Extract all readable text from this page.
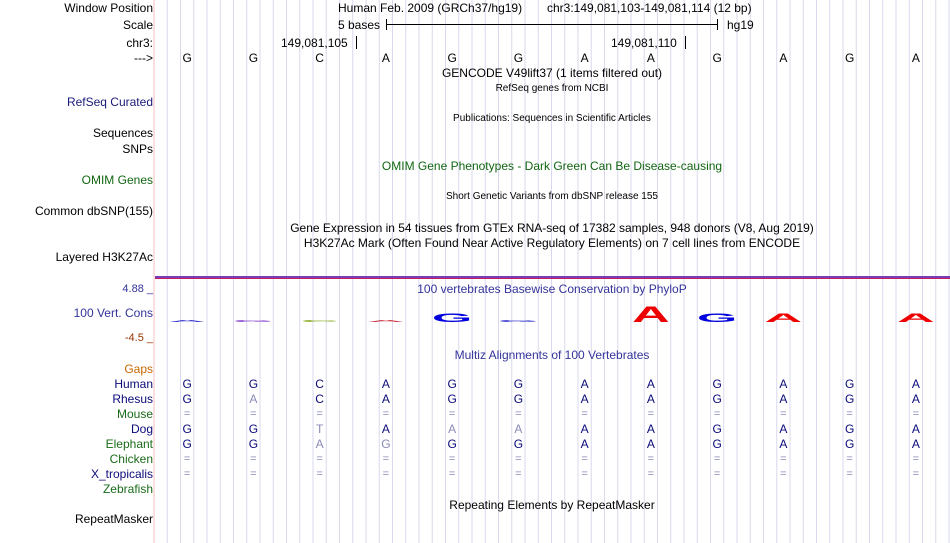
Window Position	Human Feb. 2009 (GRCh37/hg19) chr3:149,081,103-149,081,114 (12 bp)
Scale	5 bases	hg19
chr3:	149,081,105	149,081,110
---> G	G	C	A	G	G	A	A	G	A	G	A
GENCODE V49lift37 (1 items filtered out)
RefSeq genes from NCBI
RefSeq Curated
Publications: Sequences in Scientific Articles
Sequences
SNPs
OMIM Gene Phenotypes - Dark Green Can Be Disease-causing
OMIM Genes
Short Genetic Variants from dbSNP release 155
Common dbSNP(155)
Gene Expression in 54 tissues from GTEx RNA-seq of 17382 samples, 948 donors (V8, Aug 2019)
H3K27Ac Mark (Often Found Near Active Regulatory Elements) on 7 cell lines from ENCODE
Layered H3K27Ac
4.88 _	100 vertebrates Basewise Conservation by PhyloP
100 Vert. Cons
-4.5 _
A G C A G G	A G A	A
Gaps
Multiz Alignments of 100 Vertebrates
Human G	G	C	A	G	G	A	A	G	A	G	A
Rhesus G	A	C	A	G	G	A	A	G	A	G	A
Mouse	=	=	=	=	=	=	=	=	=	=	=	=
Dog G	G	T	A	A	A	A	A	G	A	G	A
Elephant G	G	A	G	G	G	A	A	G	A	G	A
Chicken	=	=	=	=	=	=	=	=	=	=	=	=
X_tropicalis	=	=	=	=	=	=	=	=	=	=	=	=
Zebrafish
Repeating Elements by RepeatMasker
RepeatMasker
